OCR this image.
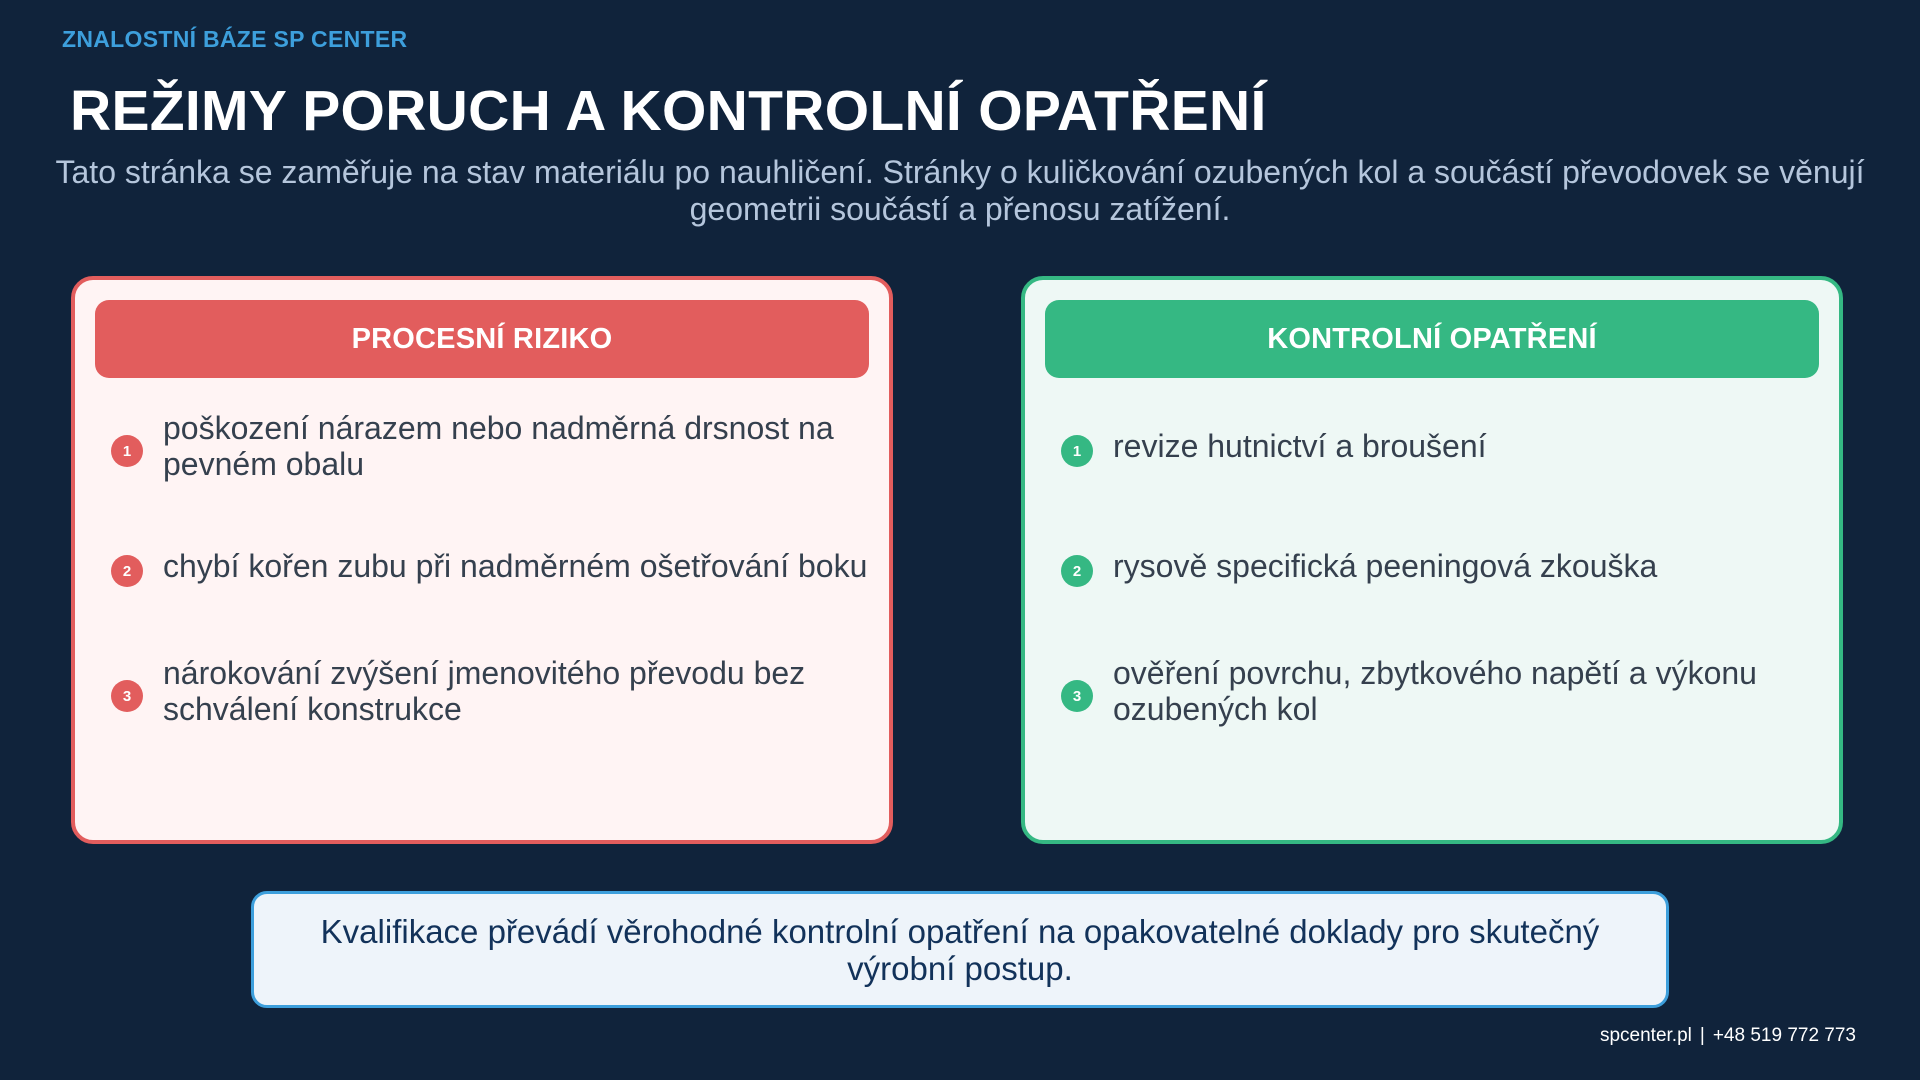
ZNALOSTNÍ BÁZE SP CENTER
REŽIMY PORUCH A KONTROLNÍ OPATŘENÍ
Tato stránka se zaměřuje na stav materiálu po nauhličení. Stránky o kuličkování ozubených kol a součástí převodovek se věnují geometrii součástí a přenosu zatížení.
PROCESNÍ RIZIKO
1
poškození nárazem nebo nadměrná drsnost na pevném obalu
2 chybí kořen zubu při nadměrném ošetřování boku
3
nárokování zvýšení jmenovitého převodu bez schválení konstrukce
KONTROLNÍ OPATŘENÍ
1 revize hutnictví a broušení
2 rysově specifická peeningová zkouška
3
ověření povrchu, zbytkového napětí a výkonu ozubených kol
Kvalifikace převádí věrohodné kontrolní opatření na opakovatelné doklady pro skutečný výrobní postup.
spcenter.pl | +48 519 772 773
